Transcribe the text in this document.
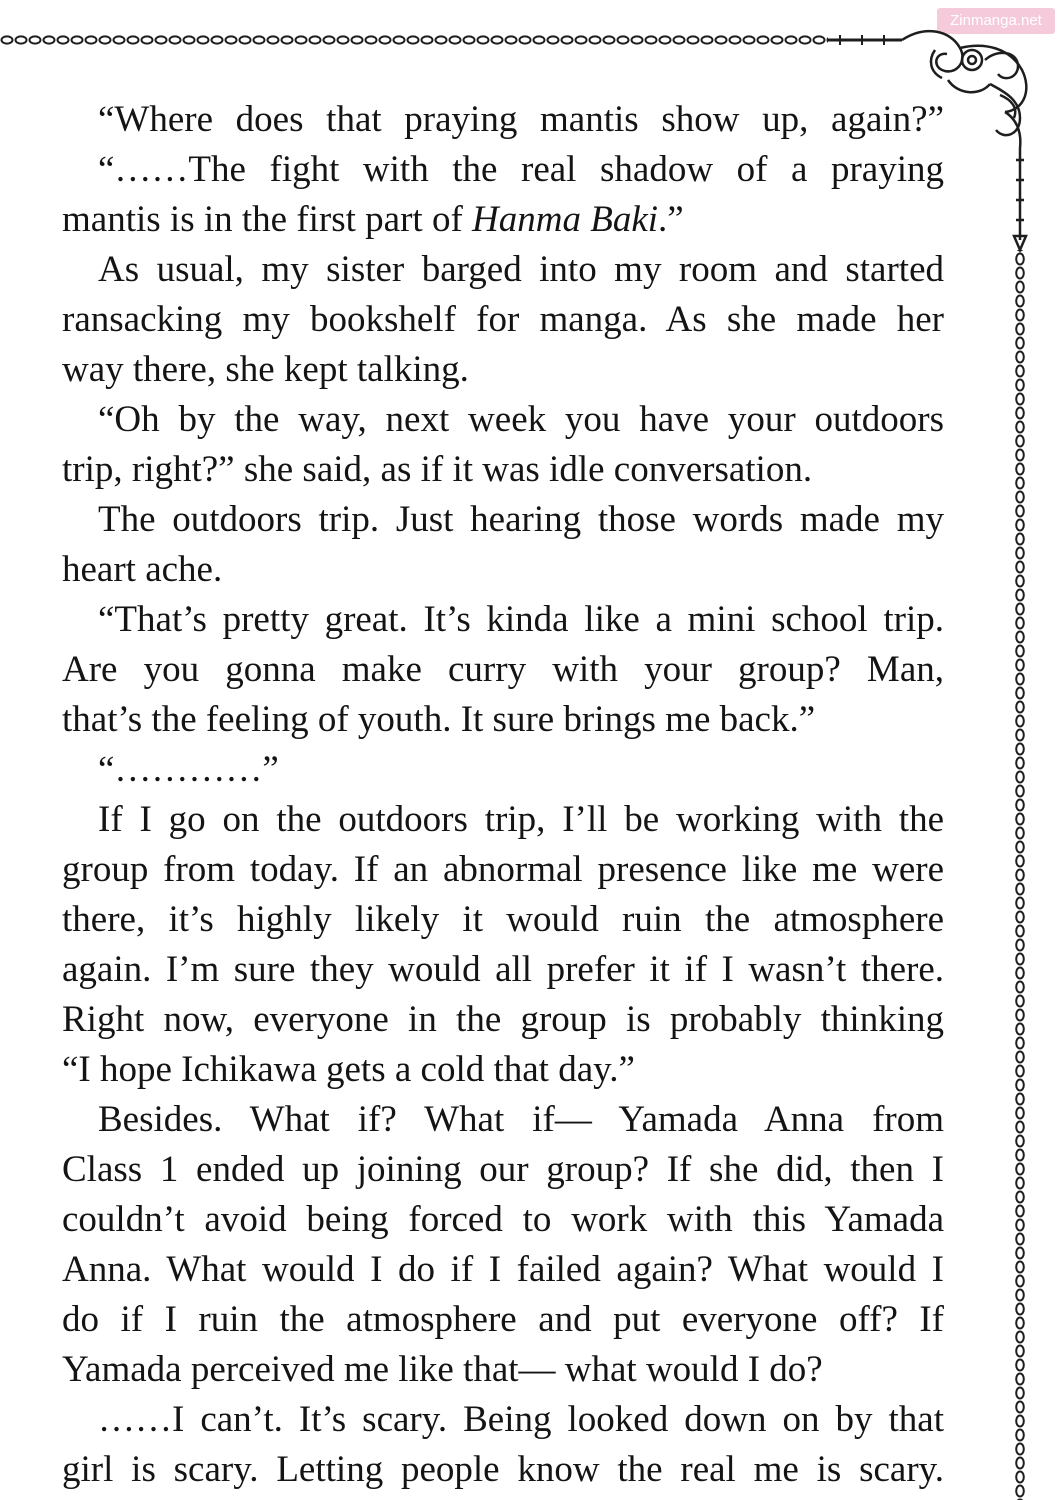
Zinmanga.net
“Where does that praying mantis show up, again?”
“……The fight with the real shadow of a praying
mantis is in the first part of Hanma Baki.”
As usual, my sister barged into my room and started
ransacking my bookshelf for manga. As she made her
way there, she kept talking.
“Oh by the way, next week you have your outdoors
trip, right?” she said, as if it was idle conversation.
The outdoors trip. Just hearing those words made my
heart ache.
“That’s pretty great. It’s kinda like a mini school trip.
Are you gonna make curry with your group? Man,
that’s the feeling of youth. It sure brings me back.”
“…………”
If I go on the outdoors trip, I’ll be working with the
group from today. If an abnormal presence like me were
there, it’s highly likely it would ruin the atmosphere
again. I’m sure they would all prefer it if I wasn’t there.
Right now, everyone in the group is probably thinking
“I hope Ichikawa gets a cold that day.”
Besides. What if? What if— Yamada Anna from
Class 1 ended up joining our group? If she did, then I
couldn’t avoid being forced to work with this Yamada
Anna. What would I do if I failed again? What would I
do if I ruin the atmosphere and put everyone off? If
Yamada perceived me like that— what would I do?
……I can’t. It’s scary. Being looked down on by that
girl is scary. Letting people know the real me is scary.
